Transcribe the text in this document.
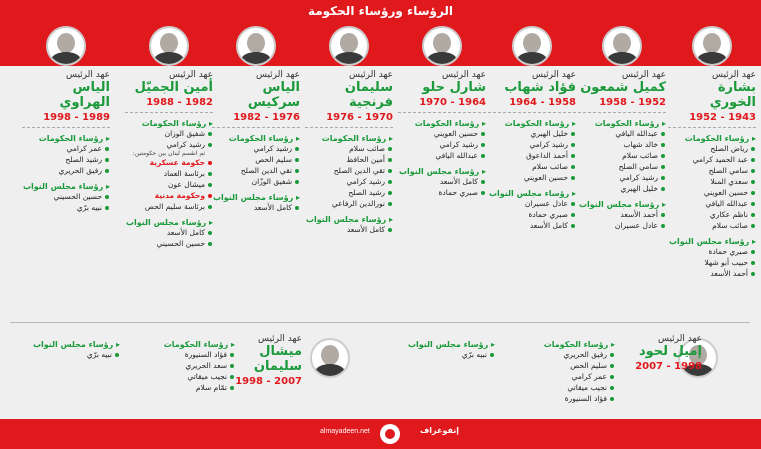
الرؤساء ورؤساء الحكومة
عهد الرئيس
بشارة الخوري
1943 - 1952
▸ رؤساء الحكومات
رياض الصلح
عبد الحميد كرامي
سامي الصلح
سعدي المنلا
حسين العويني
عبدالله اليافي
ناظم عكاري
صائب سلام
▸ رؤساء مجلس النواب
صبري حمادة
حبيب أبو شهلا
أحمد الأسعد
عهد الرئيس
كميل شمعون
1952 - 1958
▸ رؤساء الحكومات
عبدالله اليافي
خالد شهاب
صائب سلام
سامي الصلح
رشيد كرامي
خليل الهبري
▸ رؤساء مجلس النواب
أحمد الأسعد
عادل عسيران
عهد الرئيس
فؤاد شهاب
1958 - 1964
▸ رؤساء الحكومات
خليل الهبري
رشيد كرامي
أحمد الداعوق
صائب سلام
حسين العويني
▸ رؤساء مجلس النواب
عادل عسيران
صبري حمادة
كامل الأسعد
عهد الرئيس
شارل حلو
1964 - 1970
▸ رؤساء الحكومات
حسين العويني
رشيد كرامي
عبدالله اليافي
▸ رؤساء مجلس النواب
كامل الأسعد
صبري حمادة
عهد الرئيس
سليمان فرنجية
1970 - 1976
▸ رؤساء الحكومات
صائب سلام
أمين الحافظ
تقي الدين الصلح
رشيد كرامي
رشيد الصلح
نورالدين الرفاعي
▸ رؤساء مجلس النواب
كامل الأسعد
عهد الرئيس
الياس سركيس
1976 - 1982
▸ رؤساء الحكومات
رشيد كرامي
سليم الحص
تقي الدين الصلح
شفيق الوزّان
▸ رؤساء مجلس النواب
كامل الأسعد
عهد الرئيس
أمين الجميّل
1982 - 1988
▸ رؤساء الحكومات
شفيق الوزان
رشيد كرامي
ثم انقسم لبنان بين حكومتين:
حكومة عسكرية
برئاسة العماد
ميشال عون
وحكومة مدنية
برئاسة سليم الحص
▸ رؤساء مجلس النواب
كامل الأسعد
حسين الحسيني
عهد الرئيس
الياس الهراوي
1989 - 1998
▸ رؤساء الحكومات
عمر كرامي
رشيد الصلح
رفيق الحريري
▸ رؤساء مجلس النواب
حسين الحسيني
نبيه برّي
عهد الرئيس
إميل لحود
1998 - 2007
▸ رؤساء الحكومات
رفيق الحريري
سليم الحص
عمر كرامي
نجيب ميقاتي
فؤاد السنيورة
▸ رؤساء مجلس النواب
نبيه برّي
عهد الرئيس
ميشال سليمان
2007 - 1998
▸ رؤساء الحكومات
فؤاد السنيورة
سعد الحريري
نجيب ميقاتي
تمّام سلام
▸ رؤساء مجلس النواب
نبيه برّي
almayadeen.net	إنفوغراف
